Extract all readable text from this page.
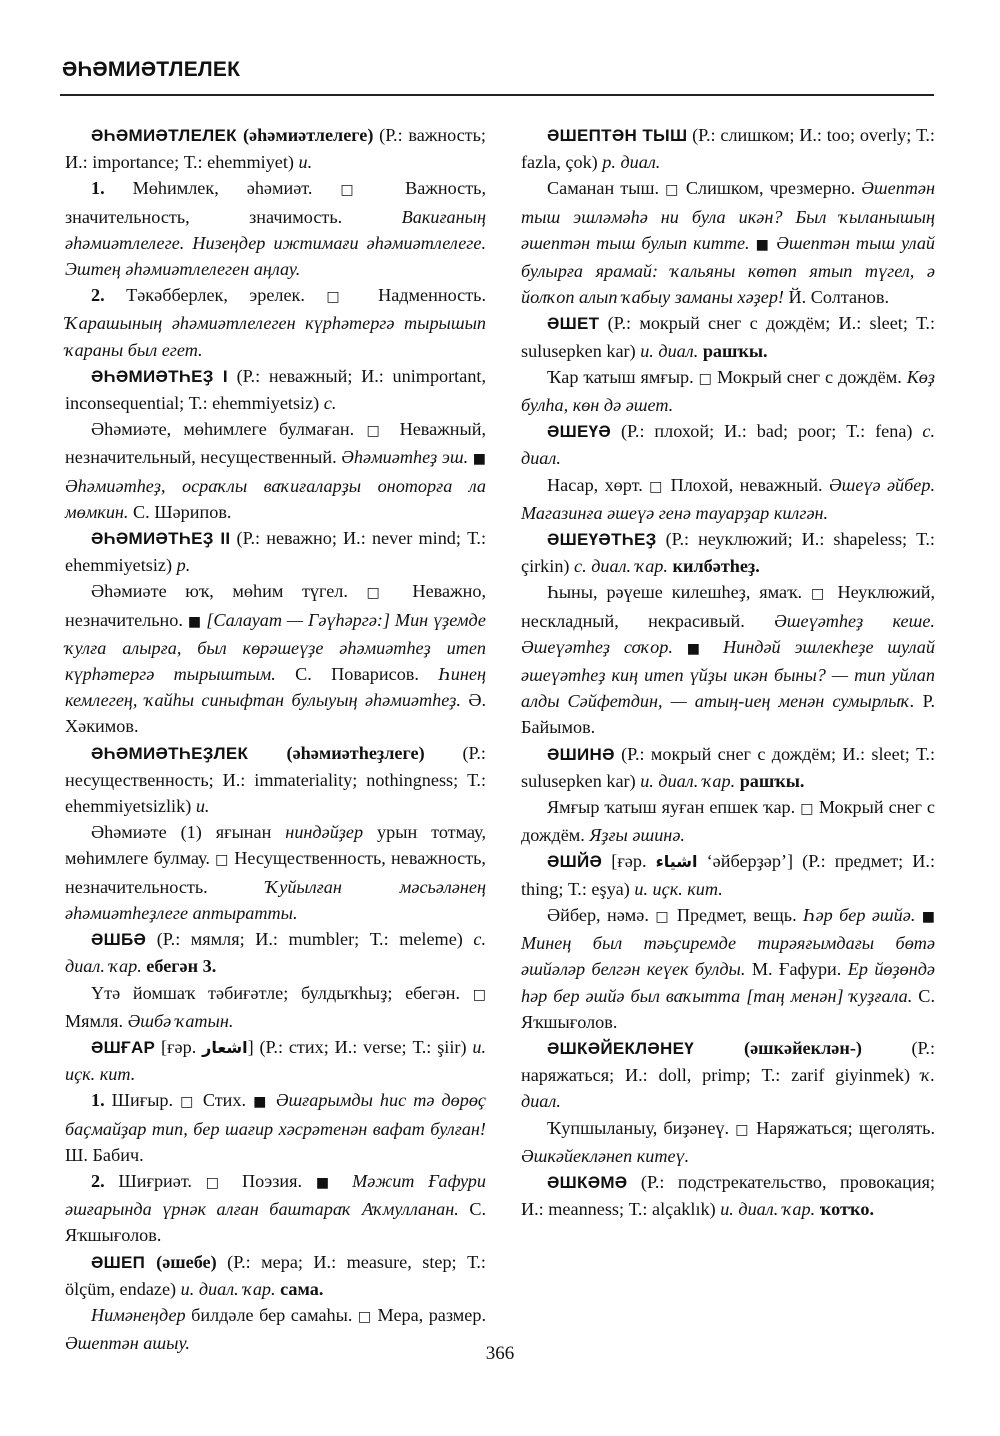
ӘҺӘМИӘТЛЕЛЕК

ӘҺӘМИӘТЛЕЛЕК (әһәмиәтлелеге) (Р.: важность; И.: importance; Т.: ehemmiyet) и.

1. Мөһимлек, әһәмиәт. □ Важность, значительность, значимость. Вакиғаның әһәмиәтлелеге. Низеңдер ижтимағи әһәмиәтлелеге. Эштең әһәмиәтлелеген аңлау.

2. Тәкәбберлек, эрелек. □ Надменность. Ҡарашының әһәмиәтлелеген күрһәтергә тырышып ҡараны был егет.

ӘҺӘМИӘТҺЕҘ I (Р.: неважный; И.: unimportant, inconsequential; Т.: ehemmiyetsiz) с.

Әһәмиәте, мөһимлеге булмаған. □ Неважный, незначительный, несущественный. Әһәмиәтһеҙ эш. ■ Әһәмиәтһеҙ, осраҡлы ваҡиғаларҙы оноторға ла мөмкин. С. Шәрипов.

ӘҺӘМИӘТҺЕҘ II (Р.: неважно; И.: never mind; Т.: ehemmiyetsiz) р.

Әһәмиәте юҡ, мөһим түгел. □ Неважно, незначительно. ■ [Салауат — Гәүһәргә:] Мин үҙемде ҡулға алырға, был көрәшеүҙе әһәмиәтһеҙ итеп күрһәтергә тырыштым. С. Поварисов. Һинең кемлегең, ҡайһы синыфтан булыуың әһәмиәтһеҙ. Ә. Хәкимов.

ӘҺӘМИӘТҺЕҘЛЕК (әһәмиәтһеҙлеге) (Р.: несущественность; И.: immateriality; nothingness; Т.: ehemmiyetsizlik) и.

Әһәмиәте (1) яғынан ниндәйҙер урын тотмау, мөһимлеге булмау. □ Несущественность, неважность, незначительность. Ҡуйылған мәсьәләнең әһәмиәтһеҙлеге аптыратты.

ӘШБӘ (Р.: мямля; И.: mumbler; Т.: meleme) с. диал. ҡар. ебегән 3.

Үтә йомшаҡ тәбиғәтле; булдыҡһыҙ; ебегән. □ Мямля. Әшбә ҡатын.

ӘШҒАР [ғәр. اشعار] (Р.: стих; И.: verse; Т.: şiir) и. иҫк. кит.

1. Шиғыр. □ Стих. ■ Әшғарымды һис тә дөрөҫ баҫмайҙар тип, бер шағир хәсрәтенән вафат булған! Ш. Бабич.

2. Шиғриәт. □ Поэзия. ■ Мәжит Ғафури әшғарында үрнәк алған баштараҡ Аҡмулланан. С. Яҡшығолов.

ӘШЕП (әшебе) (Р.: мера; И.: measure, step; Т.: ölçüm, endaze) и. диал. ҡар. сама.

Нимәнеңдер билдәле бер самаһы. □ Мера, размер. Әшептән ашыу.

ӘШЕПТӘН ТЫШ (Р.: слишком; И.: too; overly; Т.: fazla, çok) р. диал.

Саманан тыш. □ Слишком, чрезмерно. Әшептән тыш эшләмәһә ни була икән? Был ҡыланышың әшептән тыш булып китте. ■ Әшептән тыш улай булырға ярамай: ҡальяны көтөп ятып түгел, ә йолҡоп алып ҡабыу заманы хәҙер! Й. Солтанов.

ӘШЕТ (Р.: мокрый снег с дождём; И.: sleet; Т.: sulusepken kar) и. диал. рашҡы.

Ҡар ҡатыш ямғыр. □ Мокрый снег с дождём. Көҙ булһа, көн дә әшет.

ӘШЕҮӘ (Р.: плохой; И.: bad; poor; Т.: fena) с. диал.

Насар, хөрт. □ Плохой, неважный. Әшеүә әйбер. Магазинға әшеүә генә тауарҙар килгән.

ӘШЕҮӘТҺЕҘ (Р.: неуклюжий; И.: shapeless; Т.: çirkin) с. диал. ҡар. килбәтһеҙ.

Һыны, рәүеше килешһеҙ, ямаҡ. □ Неуклюжий, нескладный, некрасивый. Әшеүәтһеҙ кеше. Әшеүәтһеҙ соҡор. ■ Ниндәй эшлекһеҙе шулай әшеүәтһеҙ киң итеп үйҙы икән быны? — тип уйлап алды Сәйфетдин, — атың-иең менән сумырлыҡ. Р. Байымов.

ӘШИНӘ (Р.: мокрый снег с дождём; И.: sleet; Т.: sulusepken kar) и. диал. ҡар. рашҡы.

Ямғыр ҡатыш яуған епшек ҡар. □ Мокрый снег с дождём. Яҙғы әшинә.

ӘШЙӘ [ғәр. اشياء ‘әйберҙәр’] (Р.: предмет; И.: thing; Т.: eşya) и. иҫк. кит.

Әйбер, нәмә. □ Предмет, вещь. Һәр бер әшйә. ■ Минең был тәьҫиремде тирәяғымдағы бөтә әшйәләр белгән кеүек булды. М. Ғафури. Ер йөҙөндә һәр бер әшйә был ваҡытта [таң менән] ҡуҙғала. С. Яҡшығолов.

ӘШКӘЙЕКЛӘНЕҮ (әшкәйеклән-) (Р.: наряжаться; И.: doll, primp; Т.: zarif giyinmek) ҡ. диал.

Ҡупшыланыу, биҙәнеү. □ Наряжаться; щеголять. Әшкәйекләнеп китеү.

ӘШКӘМӘ (Р.: подстрекательство, провокация; И.: meanness; Т.: alçaklık) и. диал. ҡар. ҡотҡо.

366
